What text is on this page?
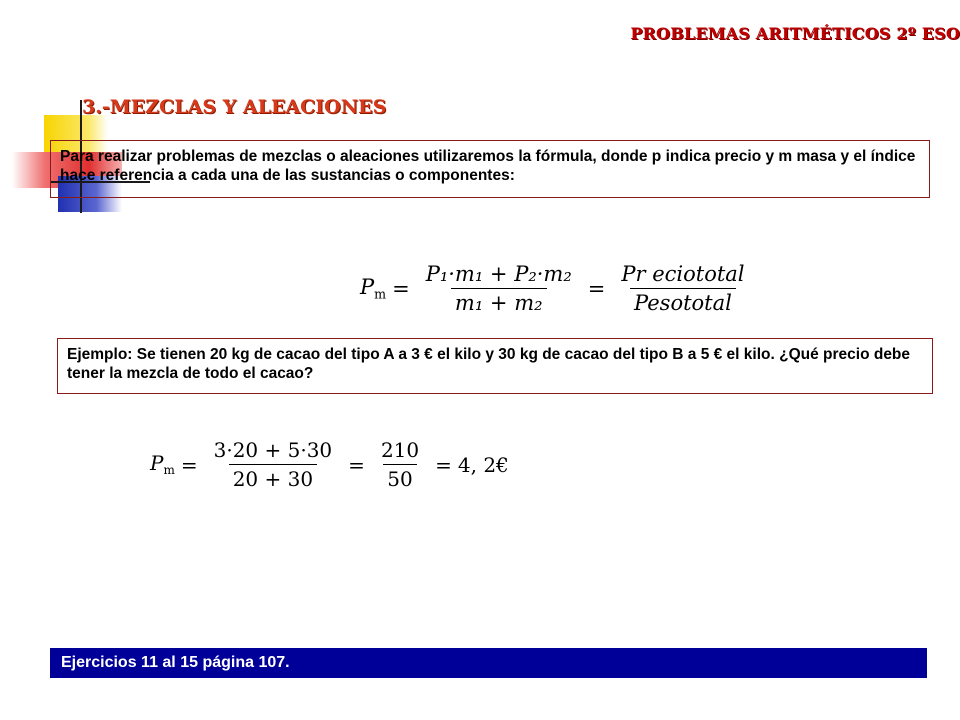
PROBLEMAS ARITMÉTICOS 2º ESO
3.-MEZCLAS Y ALEACIONES
Para realizar problemas de mezclas o aleaciones utilizaremos la fórmula, donde p indica precio y m masa y el índice hace referencia a cada una de las sustancias o componentes:
$P_m = \frac{\text{P₁·m₁ + P₂·m₂}}{\text{m₁ + m₂}} = \frac{\text{Pr eciototal}}{\text{Pesototal}}$
Ejemplo: Se tienen 20 kg de cacao del tipo A a 3 € el kilo y 30 kg de cacao del tipo B a 5 € el kilo. ¿Qué precio debe tener la mezcla de todo el cacao?
$P_m = \frac{3\cdot 20 + 5\cdot 30}{20 + 30} = \frac{210}{50} = 4$, 2€
Ejercicios 11 al 15 página 107.
